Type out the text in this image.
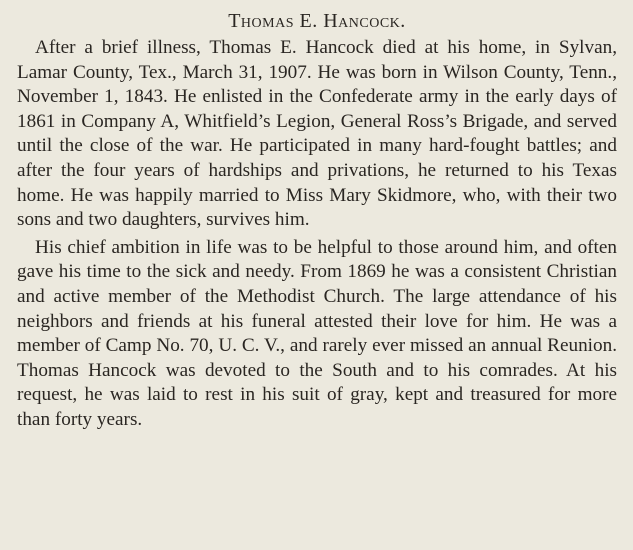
Thomas E. Hancock.

After a brief illness, Thomas E. Hancock died at his home, in Sylvan, Lamar County, Tex., March 31, 1907. He was born in Wilson County, Tenn., November 1, 1843. He enlisted in the Confederate army in the early days of 1861 in Company A, Whitfield’s Legion, General Ross’s Brigade, and served until the close of the war. He participated in many hard-fought battles; and after the four years of hardships and privations, he returned to his Texas home. He was happily married to Miss Mary Skidmore, who, with their two sons and two daughters, survives him.

His chief ambition in life was to be helpful to those around him, and often gave his time to the sick and needy. From 1869 he was a consistent Christian and active member of the Methodist Church. The large attendance of his neighbors and friends at his funeral attested their love for him. He was a member of Camp No. 70, U. C. V., and rarely ever missed an annual Reunion. Thomas Hancock was devoted to the South and to his comrades. At his request, he was laid to rest in his suit of gray, kept and treasured for more than forty years.
